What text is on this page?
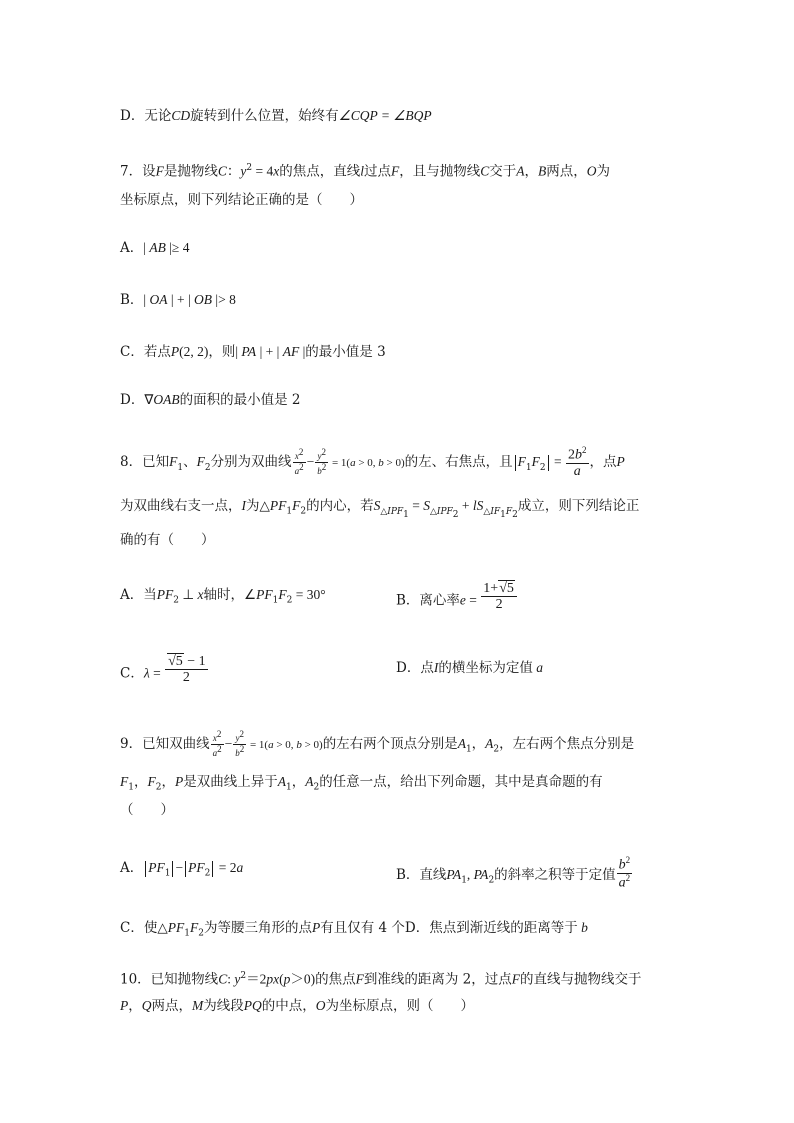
D．无论CD旋转到什么位置，始终有∠CQP = ∠BQP
7．设F是抛物线C：$y^2 = 4x$的焦点，直线l过点F，且与抛物线C交于A，B两点，O为
坐标原点，则下列结论正确的是（　　）
A．| AB |≥ 4
B．| OA | + | OB |> 8
C．若点P(2, 2)，则| PA | + | AF |的最小值是 3
D．∇OAB的面积的最小值是 2
8．已知$F_1$、$F_2$分别为双曲线 $\frac{x^2}{a^2} - \frac{y^2}{b^2} = 1(a > 0$, b > 0)的左、右焦点，且 $F_1F_2 = \frac{2b^2}{a}$ ，点P
为双曲线右支一点，I为$\triangle PF_1F_2$的内心，若$S_{\triangle IPF_1} = S_{\triangle IPF_2} + lS_{\triangle IF_1F_2}$成立，则下列结论正
确的有（　　）
A．当$PF_2$ ⊥ x轴时，$\angle PF_1F_2 = 30^\circ$	B．离心率$e = \frac{1+√5}{2}$
C．$\lambda = \frac{√5 - 1}{2}$	D．点I的横坐标为定值 a
9．已知双曲线 $\frac{x^2}{a^2} - \frac{y^2}{b^2} = 1(a > 0$, b > 0)的左右两个顶点分别是$A_1$，$A_2$，左右两个焦点分别是
$F_1$，$F_2$，P是双曲线上异于$A_1$，$A_2$的任意一点，给出下列命题，其中是真命题的有
（　　）
A． $PF_1 - PF_2 = 2a$	B．直线$PA_1$, $PA_2$的斜率之积等于定值 $\frac{b^2}{a^2}$
C．使$\triangle PF_1F_2$为等腰三角形的点P有且仅有 4 个D．焦点到渐近线的距离等于 b
10．已知抛物线C: $y^2=2px(p>0)$的焦点F到准线的距离为 2，过点F的直线与抛物线交于
P，Q两点，M为线段PQ的中点，O为坐标原点，则（　　）
